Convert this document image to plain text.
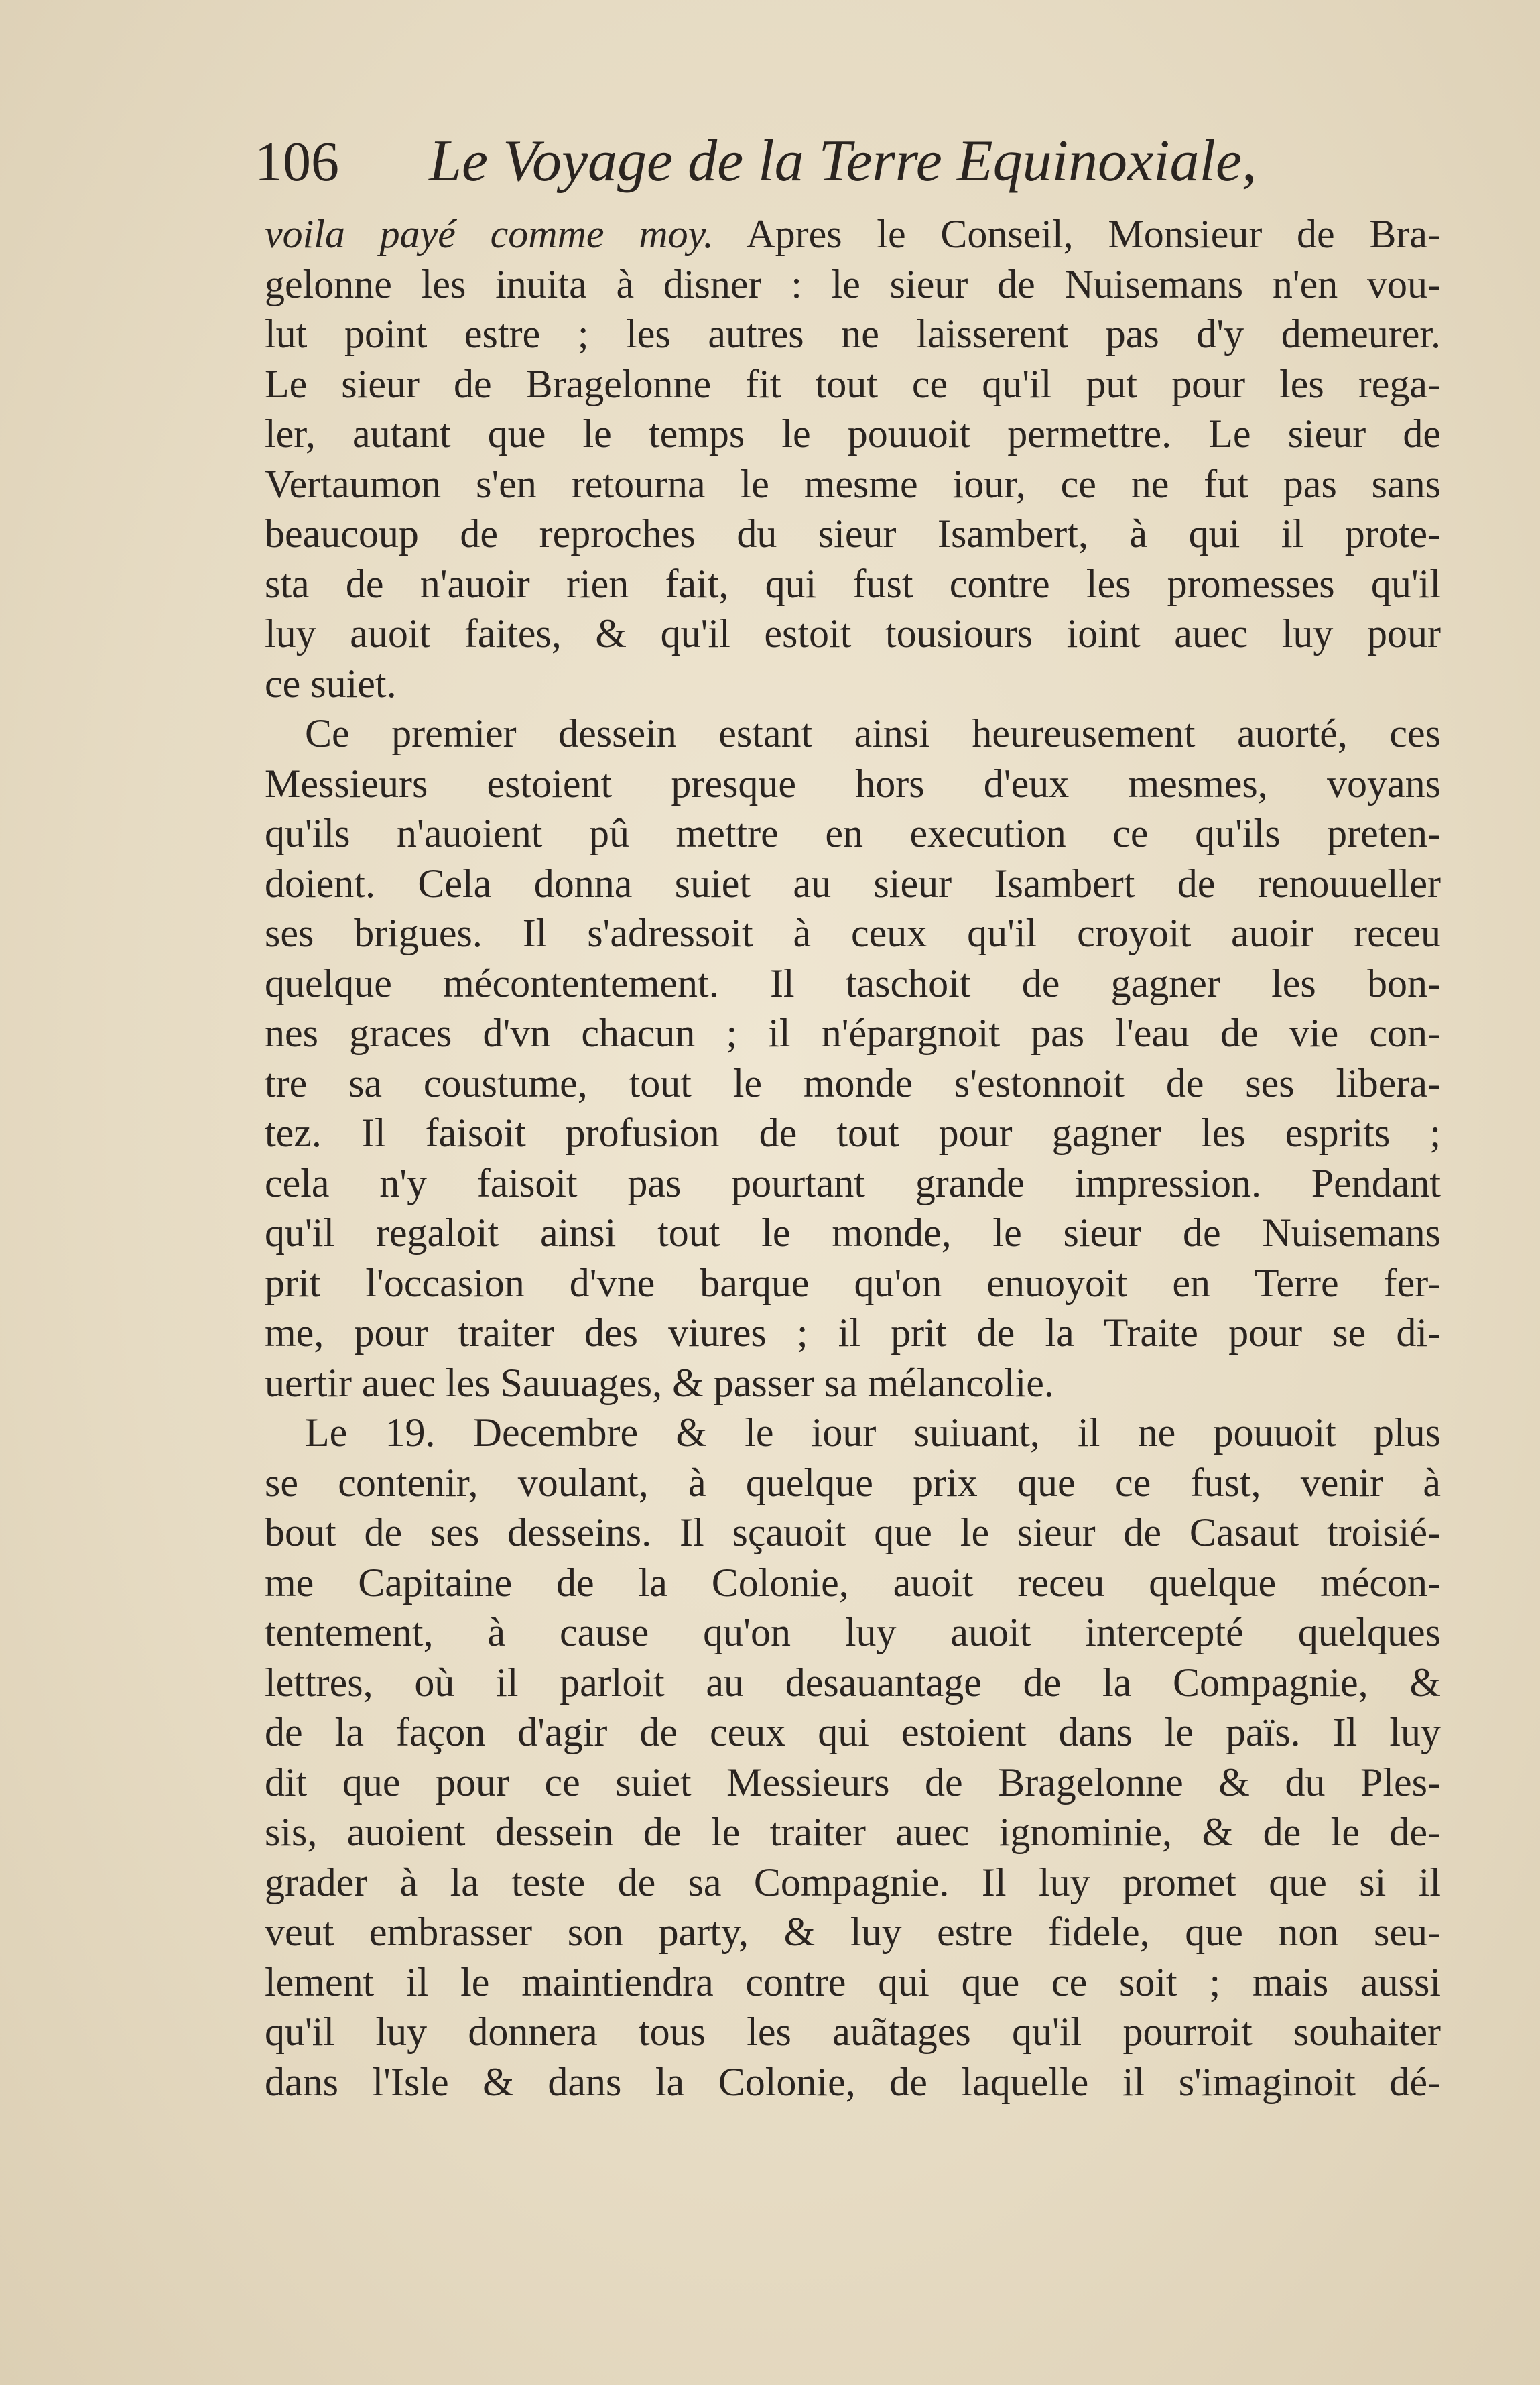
106 Le Voyage de la Terre Equinoxiale,
voila payé comme moy. Apres le Conseil, Monsieur de Bra-
gelonne les inuita à disner : le sieur de Nuisemans n'en vou-
lut point estre ; les autres ne laisserent pas d'y demeurer.
Le sieur de Bragelonne fit tout ce qu'il put pour les rega-
ler, autant que le temps le pouuoit permettre. Le sieur de
Vertaumon s'en retourna le mesme iour, ce ne fut pas sans
beaucoup de reproches du sieur Isambert, à qui il prote-
sta de n'auoir rien fait, qui fust contre les promesses qu'il
luy auoit faites, & qu'il estoit tousiours ioint auec luy pour
ce suiet.
Ce premier dessein estant ainsi heureusement auorté, ces
Messieurs estoient presque hors d'eux mesmes, voyans
qu'ils n'auoient pû mettre en execution ce qu'ils preten-
doient. Cela donna suiet au sieur Isambert de renouueller
ses brigues. Il s'adressoit à ceux qu'il croyoit auoir receu
quelque mécontentement. Il taschoit de gagner les bon-
nes graces d'vn chacun ; il n'épargnoit pas l'eau de vie con-
tre sa coustume, tout le monde s'estonnoit de ses libera-
tez. Il faisoit profusion de tout pour gagner les esprits ;
cela n'y faisoit pas pourtant grande impression. Pendant
qu'il regaloit ainsi tout le monde, le sieur de Nuisemans
prit l'occasion d'vne barque qu'on enuoyoit en Terre fer-
me, pour traiter des viures ; il prit de la Traite pour se di-
uertir auec les Sauuages, & passer sa mélancolie.
Le 19. Decembre & le iour suiuant, il ne pouuoit plus
se contenir, voulant, à quelque prix que ce fust, venir à
bout de ses desseins. Il sçauoit que le sieur de Casaut troisié-
me Capitaine de la Colonie, auoit receu quelque mécon-
tentement, à cause qu'on luy auoit intercepté quelques
lettres, où il parloit au desauantage de la Compagnie, &
de la façon d'agir de ceux qui estoient dans le païs. Il luy
dit que pour ce suiet Messieurs de Bragelonne & du Ples-
sis, auoient dessein de le traiter auec ignominie, & de le de-
grader à la teste de sa Compagnie. Il luy promet que si il
veut embrasser son party, & luy estre fidele, que non seu-
lement il le maintiendra contre qui que ce soit ; mais aussi
qu'il luy donnera tous les auãtages qu'il pourroit souhaiter
dans l'Isle & dans la Colonie, de laquelle il s'imaginoit dé-
